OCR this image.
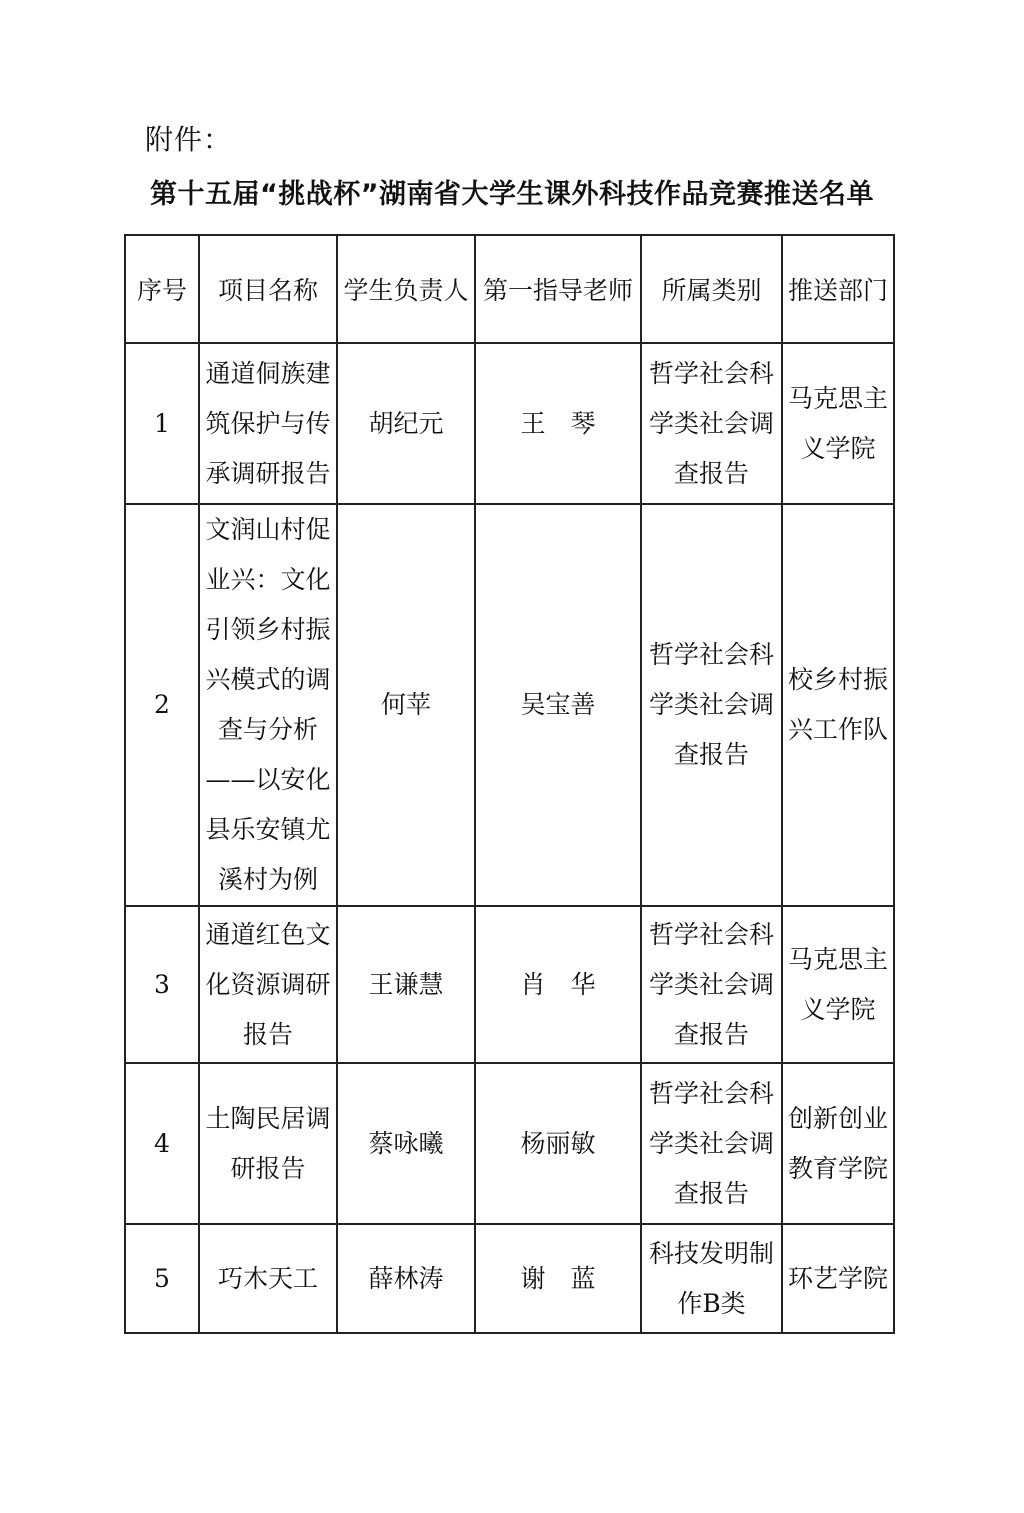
附件：
第十五届“挑战杯”湖南省大学生课外科技作品竞赛推送名单
序号	项目名称	学生负责人	第一指导老师	所属类别	推送部门
1	通道侗族建筑保护与传承调研报告	胡纪元	王　琴	哲学社会科学类社会调查报告	马克思主义学院
2	文润山村促业兴：文化引领乡村振兴模式的调查与分析——以安化县乐安镇尤溪村为例	何苹	吴宝善	哲学社会科学类社会调查报告	校乡村振兴工作队
3	通道红色文化资源调研报告	王谦慧	肖　华	哲学社会科学类社会调查报告	马克思主义学院
4	土陶民居调研报告	蔡咏曦	杨丽敏	哲学社会科学类社会调查报告	创新创业教育学院
5	巧木天工	薛林涛	谢　蓝	科技发明制作B类	环艺学院
